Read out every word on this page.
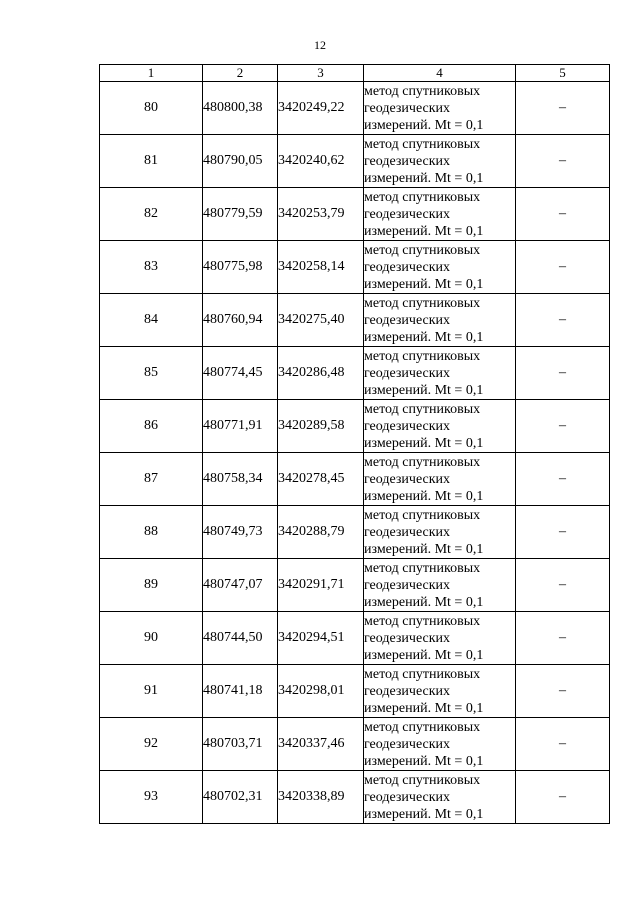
12
1	2	3	4	5
80	480800,38	3420249,22	метод спутниковых
геодезических
измерений. Mt = 0,1	–
81	480790,05	3420240,62	метод спутниковых
геодезических
измерений. Mt = 0,1	–
82	480779,59	3420253,79	метод спутниковых
геодезических
измерений. Mt = 0,1	–
83	480775,98	3420258,14	метод спутниковых
геодезических
измерений. Mt = 0,1	–
84	480760,94	3420275,40	метод спутниковых
геодезических
измерений. Mt = 0,1	–
85	480774,45	3420286,48	метод спутниковых
геодезических
измерений. Mt = 0,1	–
86	480771,91	3420289,58	метод спутниковых
геодезических
измерений. Mt = 0,1	–
87	480758,34	3420278,45	метод спутниковых
геодезических
измерений. Mt = 0,1	–
88	480749,73	3420288,79	метод спутниковых
геодезических
измерений. Mt = 0,1	–
89	480747,07	3420291,71	метод спутниковых
геодезических
измерений. Mt = 0,1	–
90	480744,50	3420294,51	метод спутниковых
геодезических
измерений. Mt = 0,1	–
91	480741,18	3420298,01	метод спутниковых
геодезических
измерений. Mt = 0,1	–
92	480703,71	3420337,46	метод спутниковых
геодезических
измерений. Mt = 0,1	–
93	480702,31	3420338,89	метод спутниковых
геодезических
измерений. Mt = 0,1	–
